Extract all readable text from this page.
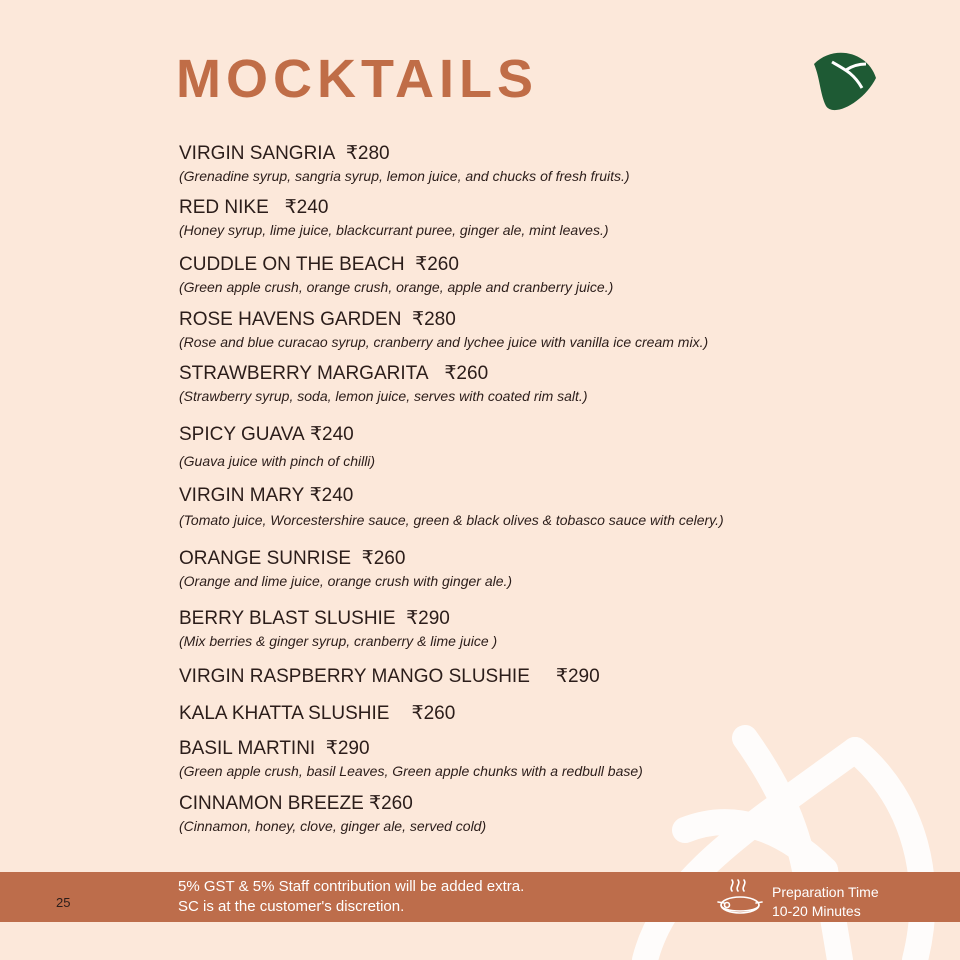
MOCKTAILS
VIRGIN SANGRIA ₹280
(Grenadine syrup, sangria syrup, lemon juice, and chucks of fresh fruits.)
RED NIKE ₹240
(Honey syrup, lime juice, blackcurrant puree, ginger ale, mint leaves.)
CUDDLE ON THE BEACH ₹260
(Green apple crush, orange crush, orange, apple and cranberry juice.)
ROSE HAVENS GARDEN ₹280
(Rose and blue curacao syrup, cranberry and lychee juice with vanilla ice cream mix.)
STRAWBERRY MARGARITA ₹260
(Strawberry syrup, soda, lemon juice, serves with coated rim salt.)
SPICY GUAVA ₹240
(Guava juice with pinch of chilli)
VIRGIN MARY ₹240
(Tomato juice, Worcestershire sauce, green & black olives & tobasco sauce with celery.)
ORANGE SUNRISE ₹260
(Orange and lime juice, orange crush with ginger ale.)
BERRY BLAST SLUSHIE ₹290
(Mix berries & ginger syrup, cranberry & lime juice )
VIRGIN RASPBERRY MANGO SLUSHIE ₹290
KALA KHATTA SLUSHIE ₹260
BASIL MARTINI ₹290
(Green apple crush, basil Leaves, Green apple chunks with a redbull base)
CINNAMON BREEZE ₹260
(Cinnamon, honey, clove, ginger ale, served cold)
25
5% GST & 5% Staff contribution will be added extra.
SC is at the customer's discretion.
Preparation Time
10-20 Minutes
